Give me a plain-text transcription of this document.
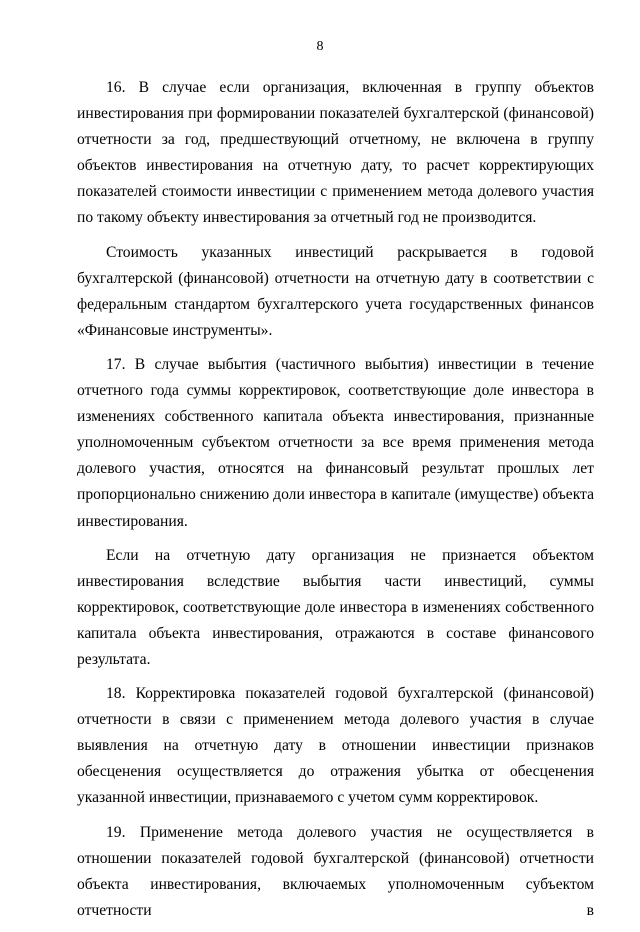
8

16. В случае если организация, включенная в группу объектов инвестирования при формировании показателей бухгалтерской (финансовой) отчетности за год, предшествующий отчетному, не включена в группу объектов инвестирования на отчетную дату, то расчет корректирующих показателей стоимости инвестиции с применением метода долевого участия по такому объекту инвестирования за отчетный год не производится.

Стоимость указанных инвестиций раскрывается в годовой бухгалтерской (финансовой) отчетности на отчетную дату в соответствии с федеральным стандартом бухгалтерского учета государственных финансов «Финансовые инструменты».

17. В случае выбытия (частичного выбытия) инвестиции в течение отчетного года суммы корректировок, соответствующие доле инвестора в изменениях собственного капитала объекта инвестирования, признанные уполномоченным субъектом отчетности за все время применения метода долевого участия, относятся на финансовый результат прошлых лет пропорционально снижению доли инвестора в капитале (имуществе) объекта инвестирования.

Если на отчетную дату организация не признается объектом инвестирования вследствие выбытия части инвестиций, суммы корректировок, соответствующие доле инвестора в изменениях собственного капитала объекта инвестирования, отражаются в составе финансового результата.

18. Корректировка показателей годовой бухгалтерской (финансовой) отчетности в связи с применением метода долевого участия в случае выявления на отчетную дату в отношении инвестиции признаков обесценения осуществляется до отражения убытка от обесценения указанной инвестиции, признаваемого с учетом сумм корректировок.

19. Применение метода долевого участия не осуществляется в отношении показателей годовой бухгалтерской (финансовой) отчетности объекта инвестирования, включаемых уполномоченным субъектом отчетности в
